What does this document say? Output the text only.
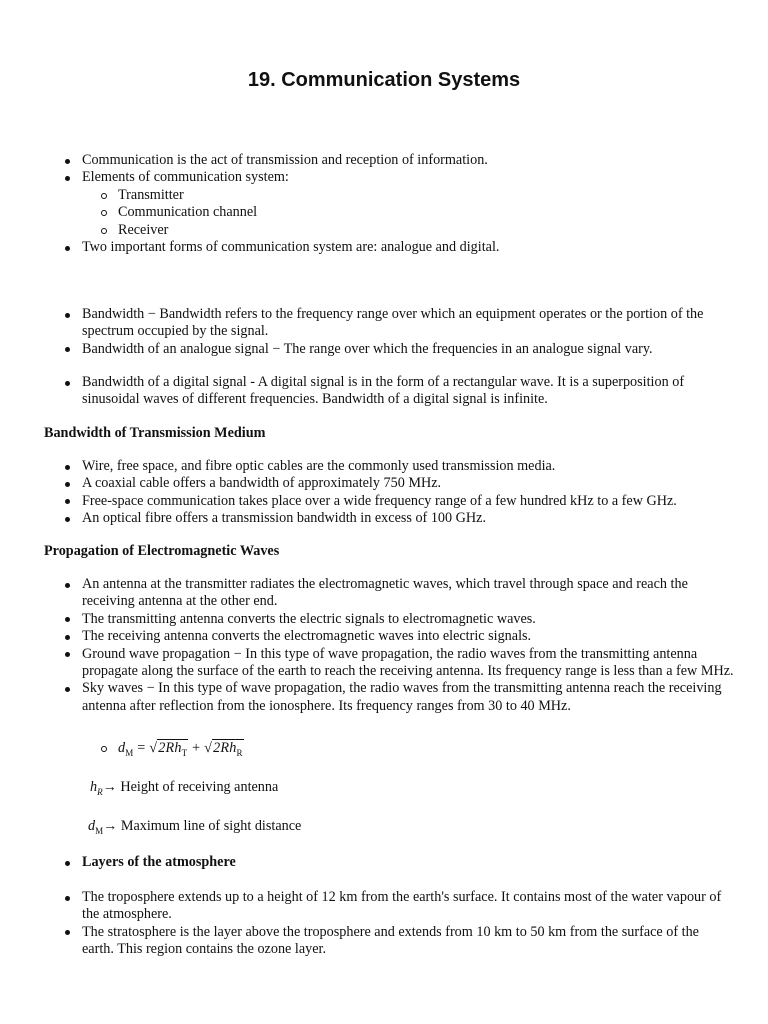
19. Communication Systems
Communication is the act of transmission and reception of information.
Elements of communication system:
Transmitter
Communication channel
Receiver
Two important forms of communication system are: analogue and digital.
Bandwidth − Bandwidth refers to the frequency range over which an equipment operates or the portion of the spectrum occupied by the signal.
Bandwidth of an analogue signal − The range over which the frequencies in an analogue signal vary.
Bandwidth of a digital signal - A digital signal is in the form of a rectangular wave. It is a superposition of sinusoidal waves of different frequencies. Bandwidth of a digital signal is infinite.
Bandwidth of Transmission Medium
Wire, free space, and fibre optic cables are the commonly used transmission media.
A coaxial cable offers a bandwidth of approximately 750 MHz.
Free-space communication takes place over a wide frequency range of a few hundred kHz to a few GHz.
An optical fibre offers a transmission bandwidth in excess of 100 GHz.
Propagation of Electromagnetic Waves
An antenna at the transmitter radiates the electromagnetic waves, which travel through space and reach the receiving antenna at the other end.
The transmitting antenna converts the electric signals to electromagnetic waves.
The receiving antenna converts the electromagnetic waves into electric signals.
Ground wave propagation − In this type of wave propagation, the radio waves from the transmitting antenna propagate along the surface of the earth to reach the receiving antenna. Its frequency range is less than a few MHz.
Sky waves − In this type of wave propagation, the radio waves from the transmitting antenna reach the receiving antenna after reflection from the ionosphere. Its frequency ranges from 30 to 40 MHz.
$d_M = √2Rh_T + √2Rh_R$
$h_R\to$ Height of receiving antenna
$d_M\to$ Maximum line of sight distance
Layers of the atmosphere
The troposphere extends up to a height of 12 km from the earth's surface. It contains most of the water vapour of the atmosphere.
The stratosphere is the layer above the troposphere and extends from 10 km to 50 km from the surface of the earth. This region contains the ozone layer.
